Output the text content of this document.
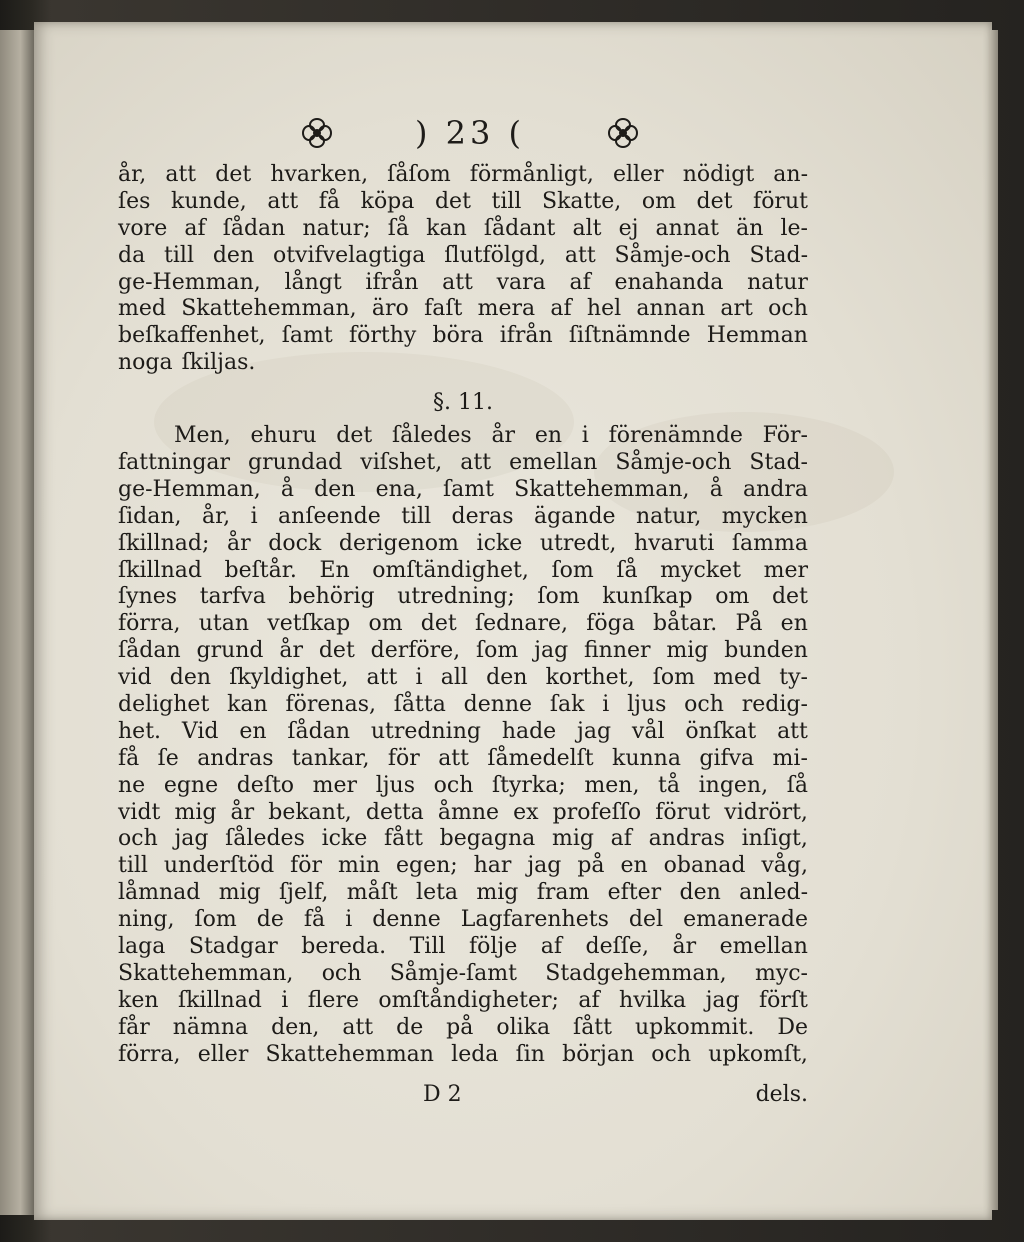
) 23 (
år, att det hvarken, ſåſom förmånligt, eller nödigt an-
ſes kunde, att få köpa det till Skatte, om det förut
vore af ſådan natur; ſå kan ſådant alt ej annat än le-
da till den otvifvelagtiga ſlutfölgd, att Såmje-och Stad-
ge-Hemman, långt ifrån att vara af enahanda natur
med Skattehemman, äro faſt mera af hel annan art och
beſkaffenhet, ſamt förthy böra ifrån ſiſtnämnde Hemman
noga ſkiljas.
§. 11.
Men, ehuru det ſåledes år en i förenämnde För-
fattningar grundad viſshet, att emellan Såmje-och Stad-
ge-Hemman, å den ena, ſamt Skattehemman, å andra
ſidan, år, i anſeende till deras ägande natur, mycken
ſkillnad; år dock derigenom icke utredt, hvaruti ſamma
ſkillnad beſtår. En omſtändighet, ſom ſå mycket mer
ſynes tarfva behörig utredning; ſom kunſkap om det
förra, utan vetſkap om det ſednare, föga båtar. På en
ſådan grund år det derföre, ſom jag finner mig bunden
vid den ſkyldighet, att i all den korthet, ſom med ty-
delighet kan förenas, ſåtta denne ſak i ljus och redig-
het. Vid en ſådan utredning hade jag vål önſkat att
få ſe andras tankar, för att ſåmedelſt kunna gifva mi-
ne egne deſto mer ljus och ſtyrka; men, tå ingen, ſå
vidt mig år bekant, detta åmne ex profeſſo förut vidrört,
och jag ſåledes icke fått begagna mig af andras inſigt,
till underſtöd för min egen; har jag på en obanad våg,
låmnad mig ſjelf, måſt leta mig fram efter den anled-
ning, ſom de få i denne Lagfarenhets del emanerade
laga Stadgar bereda. Till följe af deſſe, år emellan
Skattehemman, och Såmje-ſamt Stadgehemman, myc-
ken ſkillnad i flere omſtåndigheter; af hvilka jag förſt
får nämna den, att de på olika ſått upkommit. De
förra, eller Skattehemman leda ſin början och upkomſt,
D 2	dels.
